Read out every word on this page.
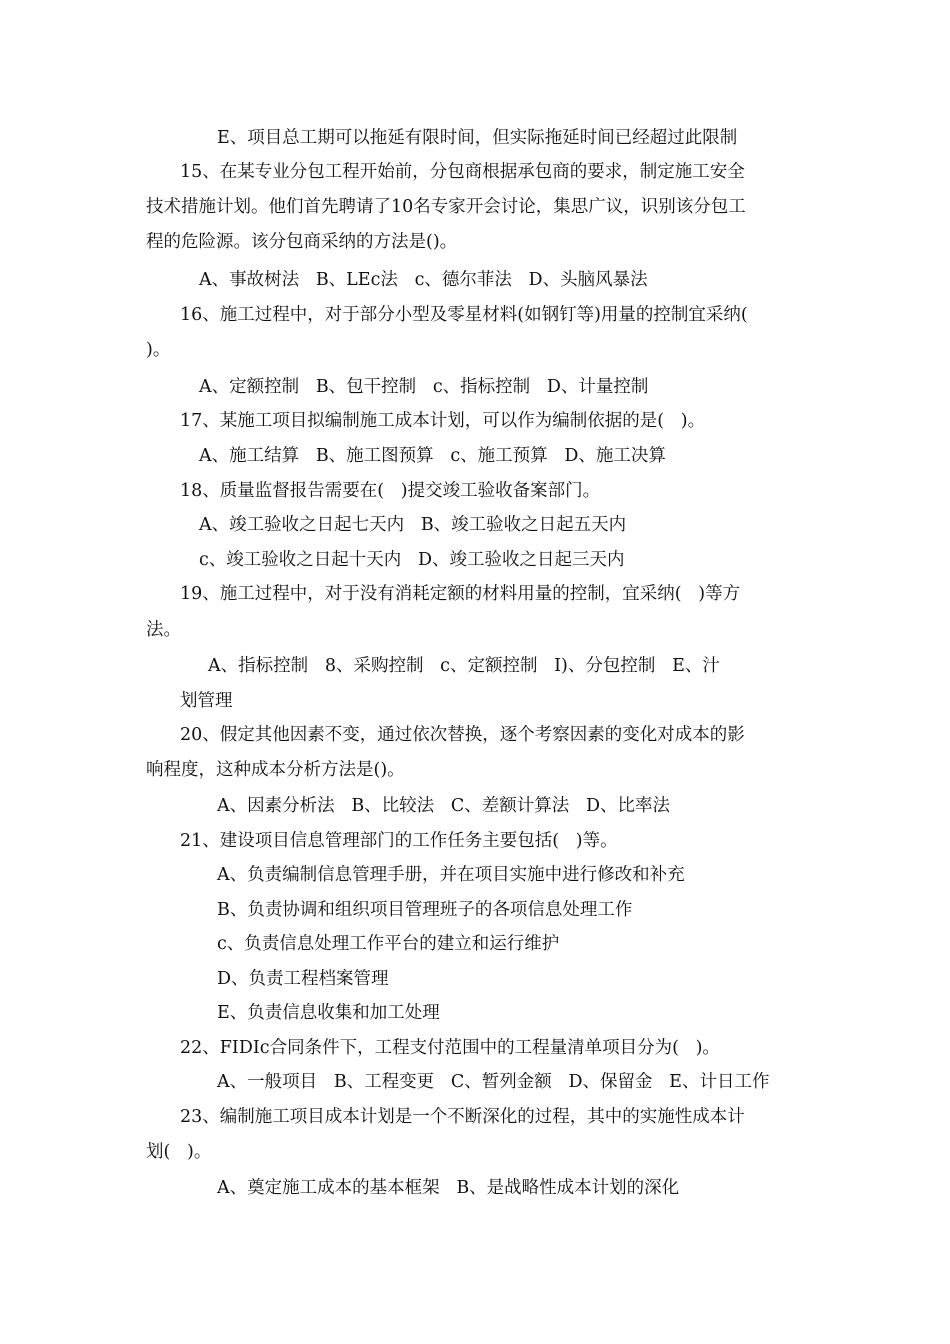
E、项目总工期可以拖延有限时间，但实际拖延时间已经超过此限制
15、在某专业分包工程开始前，分包商根据承包商的要求，制定施工安全
技术措施计划。他们首先聘请了10名专家开会讨论，集思广议，识别该分包工
程的危险源。该分包商采纳的方法是()。
A、事故树法   B、LEc法   c、德尔菲法   D、头脑风暴法
16、施工过程中，对于部分小型及零星材料(如钢钉等)用量的控制宜采纳(
)。
A、定额控制   B、包干控制   c、指标控制   D、计量控制
17、某施工项目拟编制施工成本计划，可以作为编制依据的是(   )。
A、施工结算   B、施工图预算   c、施工预算   D、施工决算
18、质量监督报告需要在(   )提交竣工验收备案部门。
A、竣工验收之日起七天内   B、竣工验收之日起五天内
c、竣工验收之日起十天内   D、竣工验收之日起三天内
19、施工过程中，对于没有消耗定额的材料用量的控制，宜采纳(   )等方
法。
A、指标控制   8、采购控制   c、定额控制   I)、分包控制   E、汁
划管理
20、假定其他因素不变，通过依次替换，逐个考察因素的变化对成本的影
响程度，这种成本分析方法是()。
A、因素分析法   B、比较法   C、差额计算法   D、比率法
21、建设项目信息管理部门的工作任务主要包括(   )等。
A、负责编制信息管理手册，并在项目实施中进行修改和补充
B、负责协调和组织项目管理班子的各项信息处理工作
c、负责信息处理工作平台的建立和运行维护
D、负责工程档案管理
E、负责信息收集和加工处理
22、FIDIc合同条件下，工程支付范围中的工程量清单项目分为(   )。
A、一般项目   B、工程变更   C、暂列金额   D、保留金   E、计日工作
23、编制施工项目成本计划是一个不断深化的过程，其中的实施性成本计
划(   )。
A、奠定施工成本的基本框架   B、是战略性成本计划的深化
